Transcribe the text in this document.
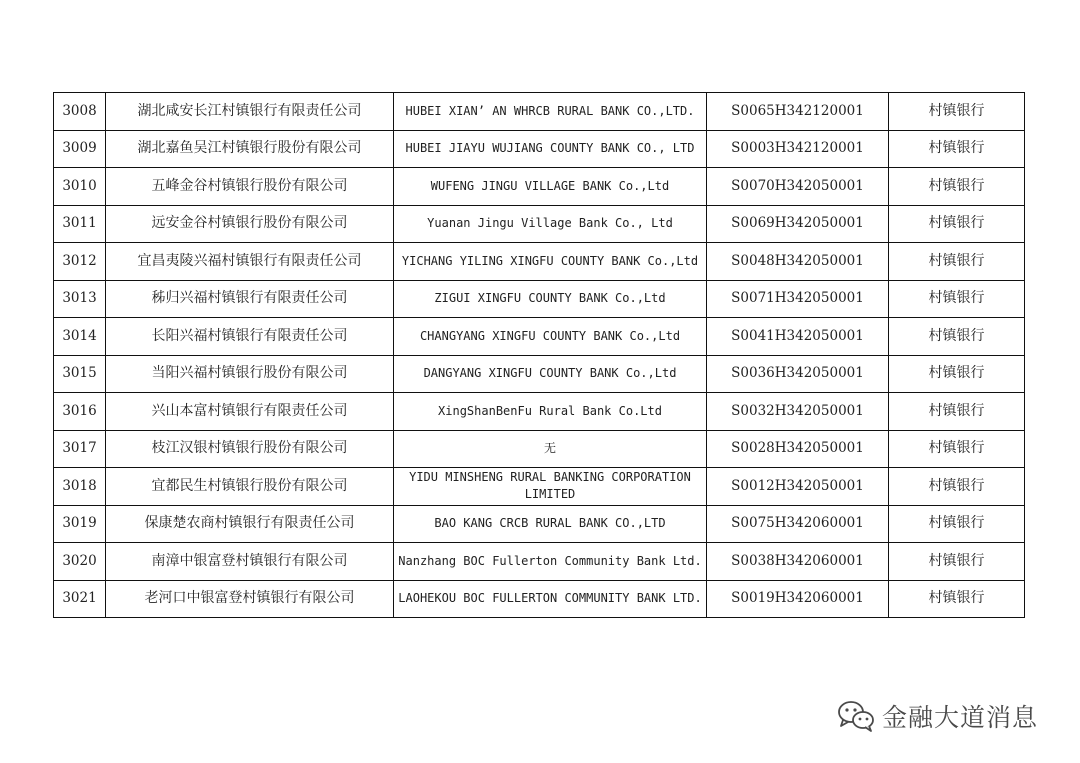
3008	湖北咸安长江村镇银行有限责任公司	HUBEI XIAN’ AN WHRCB RURAL BANK CO.,LTD.	S0065H342120001	村镇银行
3009	湖北嘉鱼吴江村镇银行股份有限公司	HUBEI JIAYU WUJIANG COUNTY BANK CO., LTD	S0003H342120001	村镇银行
3010	五峰金谷村镇银行股份有限公司	WUFENG JINGU VILLAGE BANK Co.,Ltd	S0070H342050001	村镇银行
3011	远安金谷村镇银行股份有限公司	Yuanan Jingu Village Bank Co., Ltd	S0069H342050001	村镇银行
3012	宜昌夷陵兴福村镇银行有限责任公司	YICHANG YILING XINGFU COUNTY BANK Co.,Ltd	S0048H342050001	村镇银行
3013	秭归兴福村镇银行有限责任公司	ZIGUI XINGFU COUNTY BANK Co.,Ltd	S0071H342050001	村镇银行
3014	长阳兴福村镇银行有限责任公司	CHANGYANG XINGFU COUNTY BANK Co.,Ltd	S0041H342050001	村镇银行
3015	当阳兴福村镇银行股份有限公司	DANGYANG XINGFU COUNTY BANK Co.,Ltd	S0036H342050001	村镇银行
3016	兴山本富村镇银行有限责任公司	XingShanBenFu Rural Bank Co.Ltd	S0032H342050001	村镇银行
3017	枝江汉银村镇银行股份有限公司	无	S0028H342050001	村镇银行
3018	宜都民生村镇银行股份有限公司	YIDU MINSHENG RURAL BANKING CORPORATION LIMITED	S0012H342050001	村镇银行
3019	保康楚农商村镇银行有限责任公司	BAO KANG CRCB RURAL BANK CO.,LTD	S0075H342060001	村镇银行
3020	南漳中银富登村镇银行有限公司	Nanzhang BOC Fullerton Community Bank Ltd.	S0038H342060001	村镇银行
3021	老河口中银富登村镇银行有限公司	LAOHEKOU BOC FULLERTON COMMUNITY BANK LTD.	S0019H342060001	村镇银行
金融大道消息
